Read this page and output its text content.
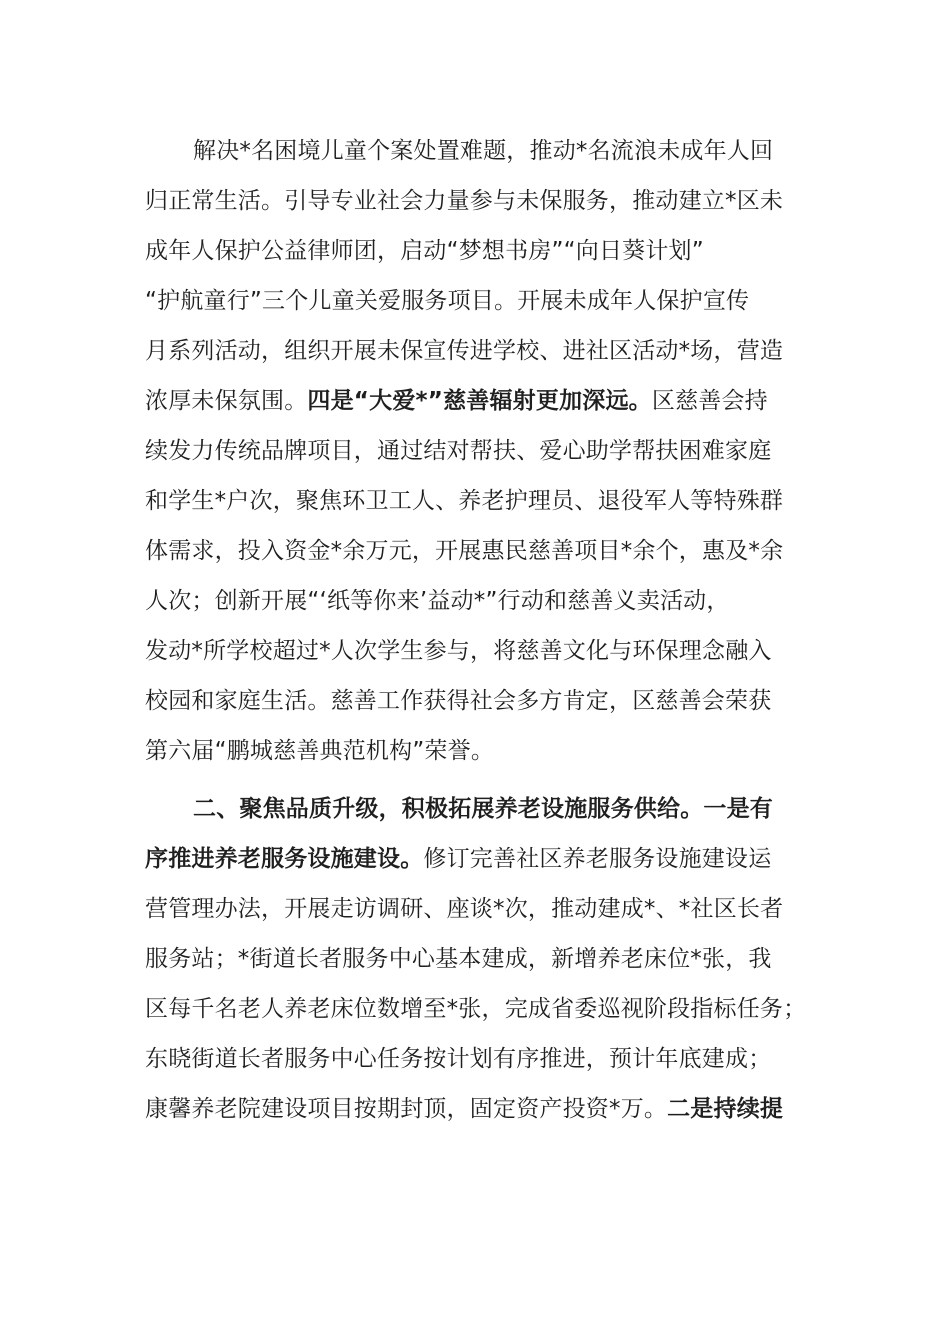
解决*名困境儿童个案处置难题，推动*名流浪未成年人回
归正常生活。引导专业社会力量参与未保服务，推动建立*区未
成年人保护公益律师团，启动“梦想书房”“向日葵计划”
“护航童行”三个儿童关爱服务项目。开展未成年人保护宣传
月系列活动，组织开展未保宣传进学校、进社区活动*场，营造
浓厚未保氛围。四是“大爱*”慈善辐射更加深远。区慈善会持
续发力传统品牌项目，通过结对帮扶、爱心助学帮扶困难家庭
和学生*户次，聚焦环卫工人、养老护理员、退役军人等特殊群
体需求，投入资金*余万元，开展惠民慈善项目*余个，惠及*余
人次；创新开展“‘纸等你来’益动*”行动和慈善义卖活动，
发动*所学校超过*人次学生参与，将慈善文化与环保理念融入
校园和家庭生活。慈善工作获得社会多方肯定，区慈善会荣获
第六届“鹏城慈善典范机构”荣誉。
二、聚焦品质升级，积极拓展养老设施服务供给。一是有
序推进养老服务设施建设。修订完善社区养老服务设施建设运
营管理办法，开展走访调研、座谈*次，推动建成*、*社区长者
服务站；*街道长者服务中心基本建成，新增养老床位*张，我
区每千名老人养老床位数增至*张，完成省委巡视阶段指标任务；
东晓街道长者服务中心任务按计划有序推进，预计年底建成；
康馨养老院建设项目按期封顶，固定资产投资*万。二是持续提
